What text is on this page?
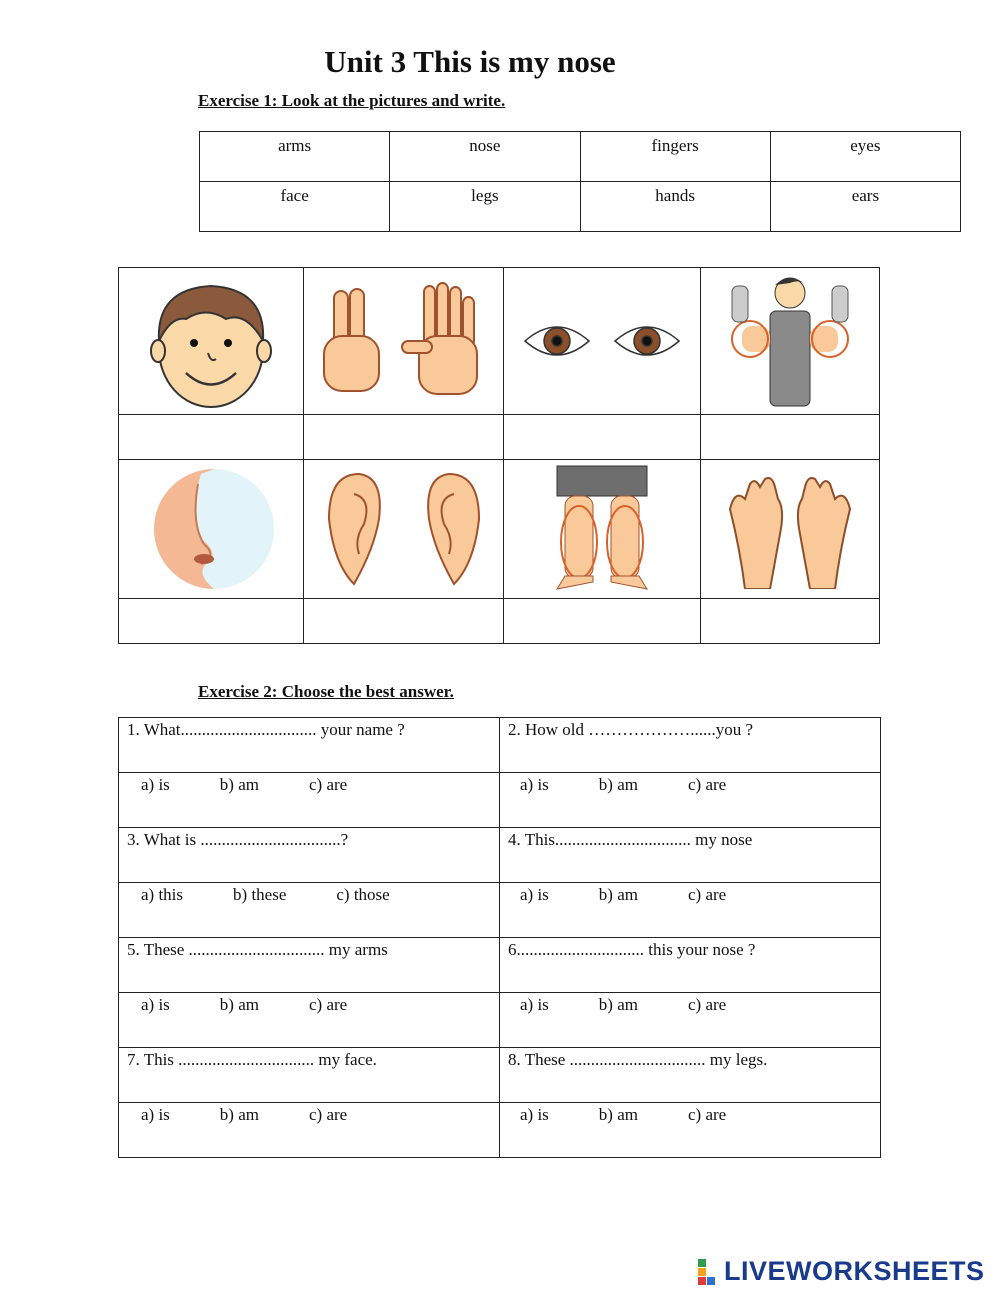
Unit 3 This is my nose
Exercise 1: Look at the pictures and write.
arms	nose	fingers	eyes
face	legs	hands	ears

Exercise 2: Choose the best answer.
1. What................................ your name ?	2. How old ………………......you ?
a) is b) am c) are	a) is b) am c) are
3. What is .................................?	4. This................................ my nose
a) this b) these c) those	a) is b) am c) are
5. These ................................ my arms	6.............................. this your nose ?
a) is b) am c) are	a) is b) am c) are
7. This ................................ my face.	8. These ................................ my legs.
a) is b) am c) are	a) is b) am c) are
LIVEWORKSHEETS
